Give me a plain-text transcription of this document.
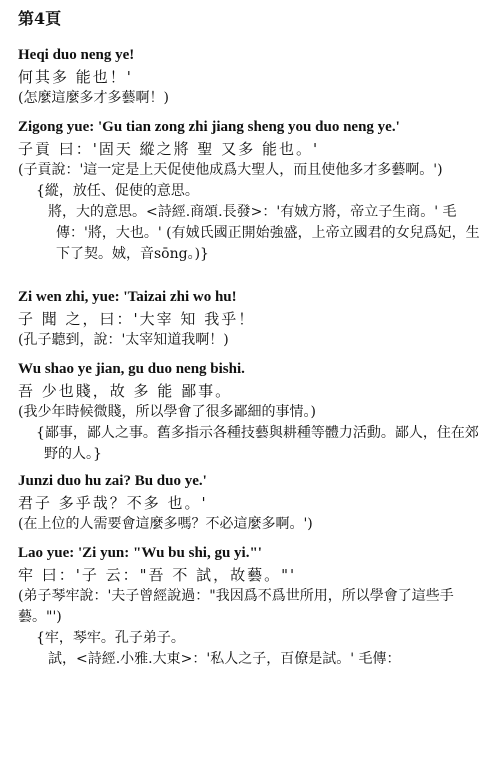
第4頁
Heqi duo neng ye!
何其多 能也！'
(怎麼這麼多才多藝啊！)
Zigong yue: 'Gu tian zong zhi jiang sheng you duo neng ye.'
子貢 曰：'固天 縱之將 聖 又多 能也。'
(子貢說：'這一定是上天促使他成爲大聖人，而且使他多才多藝啊。')
{縱，放任、促使的意思。
將，大的意思。<詩經.商頌.長發>：'有娀方將，帝立子生商。' 毛傳：'將，大也。' (有娀氏國正開始強盛，上帝立國君的女兒爲妃，生下了契。娀，音sōng。)}
Zi wen zhi, yue: 'Taizai zhi wo hu!
子 聞 之，曰：'大宰 知 我乎！
(孔子聽到，說：'太宰知道我啊！)
Wu shao ye jian, gu duo neng bishi.
吾 少也賤，故 多 能 鄙事。
(我少年時候微賤，所以學會了很多鄙細的事情。)
{鄙事，鄙人之事。舊多指示各種技藝與耕種等體力活動。鄙人，住在郊野的人。}
Junzi duo hu zai? Bu duo ye.'
君子 多乎哉？不多 也。'
(在上位的人需要會這麼多嗎？不必這麼多啊。')
Lao yue: 'Zi yun: "Wu bu shi, gu yi."'
牢 曰：'子 云："吾 不 試，故藝。"'
(弟子琴牢說：'夫子曾經說過："我因爲不爲世所用，所以學會了這些手藝。"')
{牢，琴牢。孔子弟子。
試，<詩經.小雅.大東>：'私人之子，百僚是試。' 毛傳：
